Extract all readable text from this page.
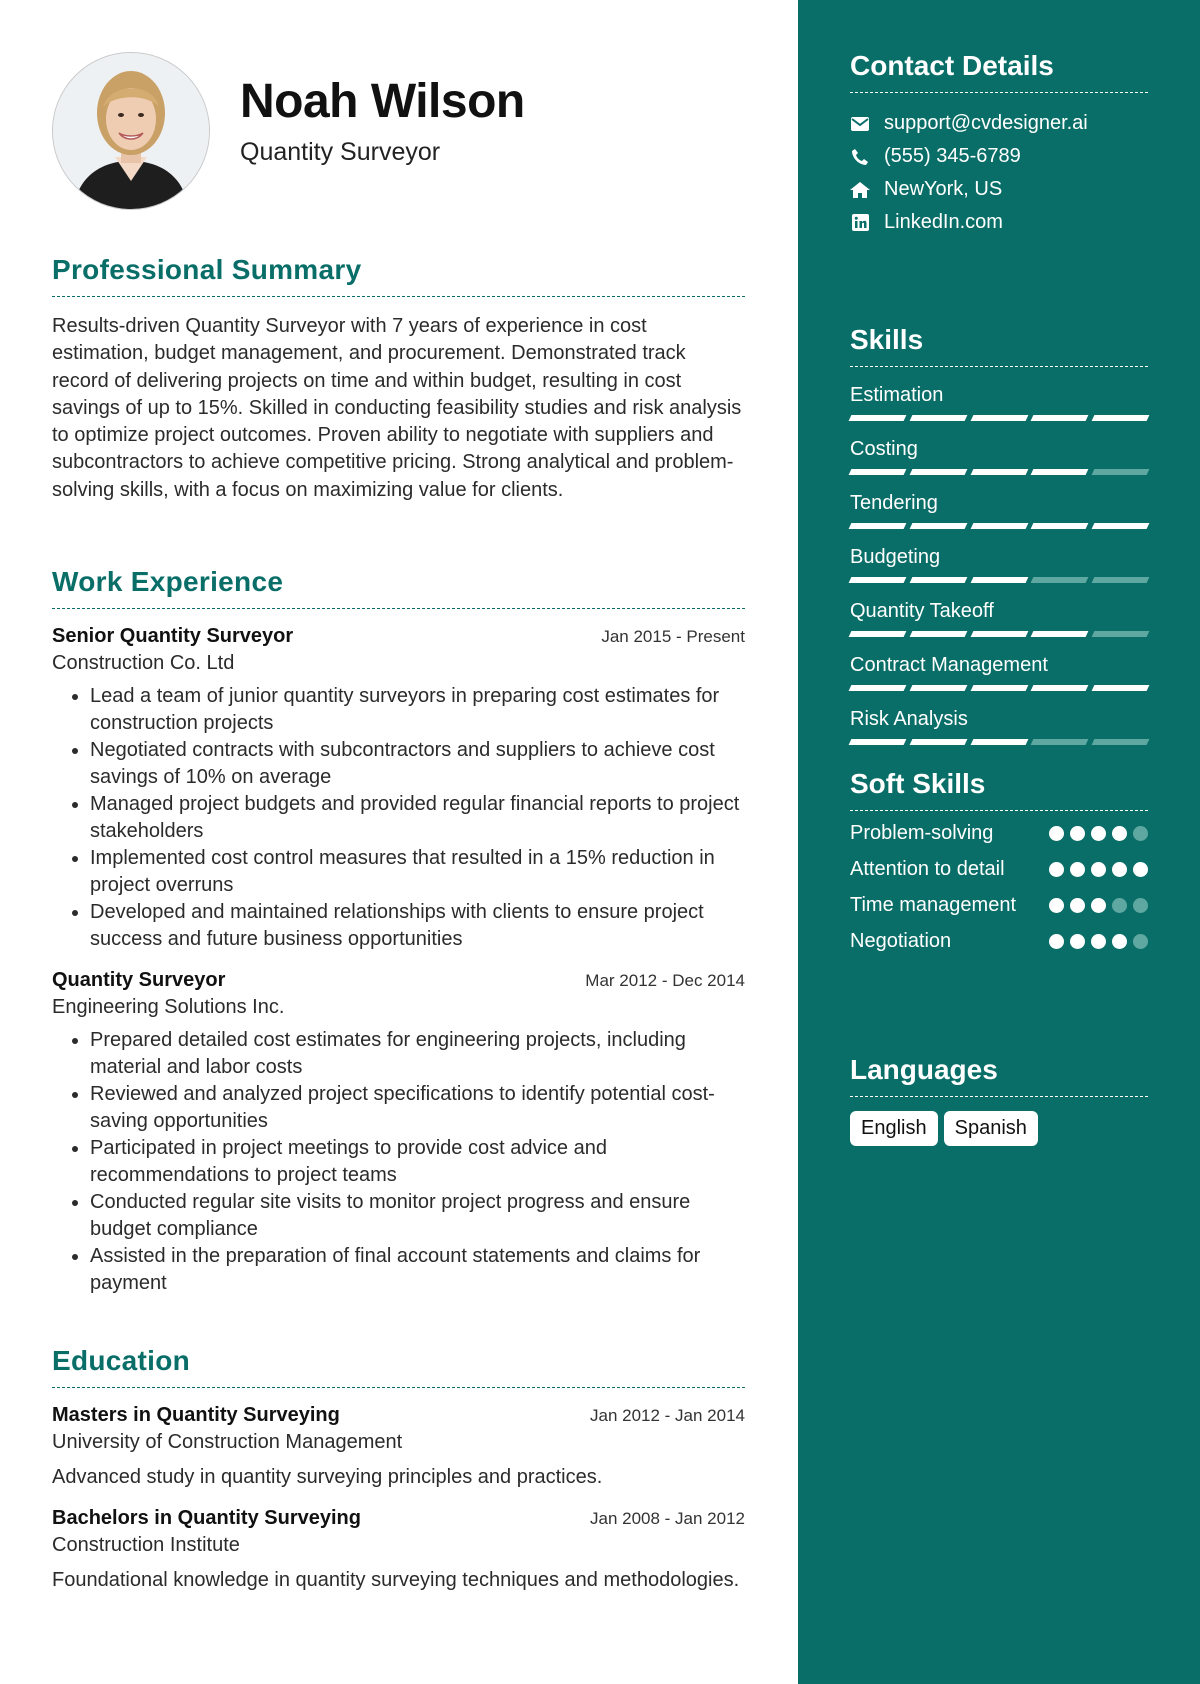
Noah Wilson
Quantity Surveyor
Professional Summary
Results-driven Quantity Surveyor with 7 years of experience in cost estimation, budget management, and procurement. Demonstrated track record of delivering projects on time and within budget, resulting in cost savings of up to 15%. Skilled in conducting feasibility studies and risk analysis to optimize project outcomes. Proven ability to negotiate with suppliers and subcontractors to achieve competitive pricing. Strong analytical and problem-solving skills, with a focus on maximizing value for clients.
Work Experience
Senior Quantity Surveyor	Jan 2015 - Present
Construction Co. Ltd
• Lead a team of junior quantity surveyors in preparing cost estimates for construction projects
• Negotiated contracts with subcontractors and suppliers to achieve cost savings of 10% on average
• Managed project budgets and provided regular financial reports to project stakeholders
• Implemented cost control measures that resulted in a 15% reduction in project overruns
• Developed and maintained relationships with clients to ensure project success and future business opportunities
Quantity Surveyor	Mar 2012 - Dec 2014
Engineering Solutions Inc.
• Prepared detailed cost estimates for engineering projects, including material and labor costs
• Reviewed and analyzed project specifications to identify potential cost-saving opportunities
• Participated in project meetings to provide cost advice and recommendations to project teams
• Conducted regular site visits to monitor project progress and ensure budget compliance
• Assisted in the preparation of final account statements and claims for payment
Education
Masters in Quantity Surveying	Jan 2012 - Jan 2014
University of Construction Management
Advanced study in quantity surveying principles and practices.
Bachelors in Quantity Surveying	Jan 2008 - Jan 2012
Construction Institute
Foundational knowledge in quantity surveying techniques and methodologies.
Contact Details
support@cvdesigner.ai
(555) 345-6789
NewYork, US
LinkedIn.com
Skills
Estimation
Costing
Tendering
Budgeting
Quantity Takeoff
Contract Management
Risk Analysis
Soft Skills
Problem-solving
Attention to detail
Time management
Negotiation
Languages
English	Spanish
